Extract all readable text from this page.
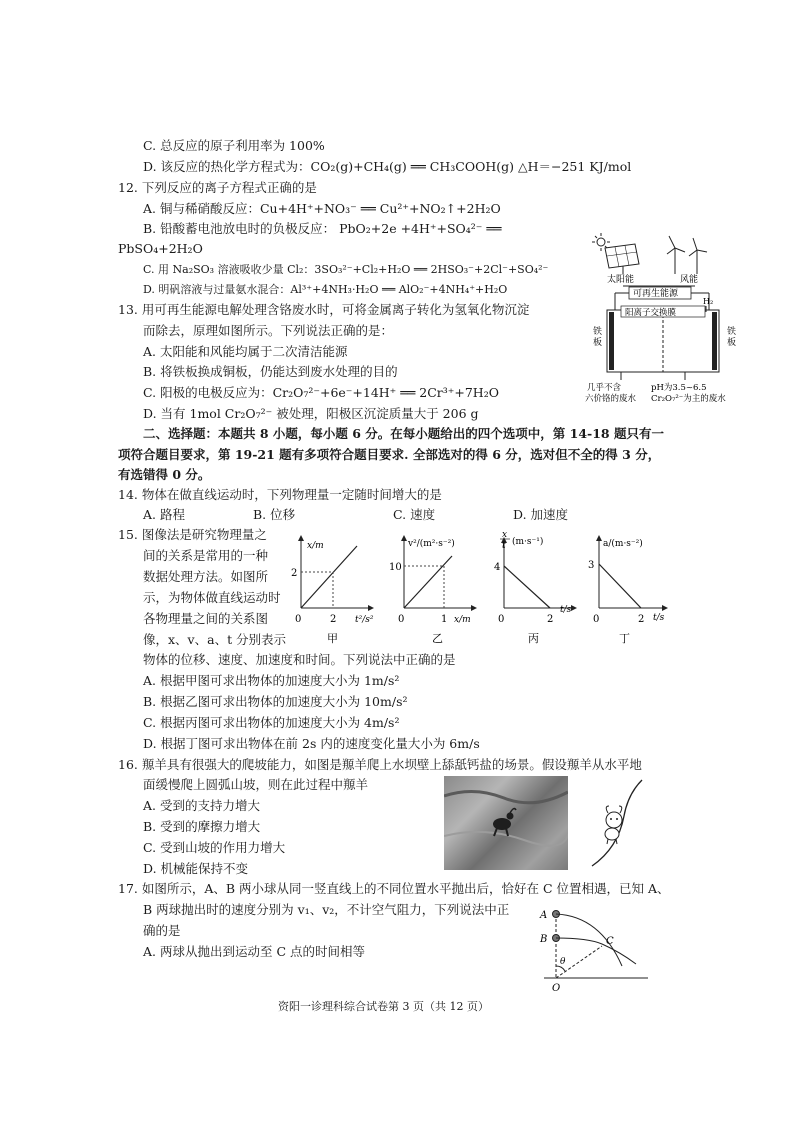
C. 总反应的原子利用率为 100%
D. 该反应的热化学方程式为：CO₂(g)+CH₄(g) ══ CH₃COOH(g) △H＝−251 KJ/mol
12. 下列反应的离子方程式正确的是
A. 铜与稀硝酸反应：Cu+4H⁺+NO₃⁻ ══ Cu²⁺+NO₂↑+2H₂O
B. 铅酸蓄电池放电时的负极反应： PbO₂+2e +4H⁺+SO₄²⁻ ══
PbSO₄+2H₂O
C. 用 Na₂SO₃ 溶液吸收少量 Cl₂：3SO₃²⁻+Cl₂+H₂O ══ 2HSO₃⁻+2Cl⁻+SO₄²⁻
D. 明矾溶液与过量氨水混合：Al³⁺+4NH₃·H₂O ══ AlO₂⁻+4NH₄⁺+H₂O
13. 用可再生能源电解处理含铬废水时，可将金属离子转化为氢氧化物沉淀
而除去，原理如图所示。下列说法正确的是：
A. 太阳能和风能均属于二次清洁能源
B. 将铁板换成铜板，仍能达到废水处理的目的
C. 阳极的电极反应为：Cr₂O₇²⁻+6e⁻+14H⁺ ══ 2Cr³⁺+7H₂O
D. 当有 1mol Cr₂O₇²⁻ 被处理，阳极区沉淀质量大于 206 g
太阳能	风能
可再生能源
阳离子交换膜
H₂
铁板
铁板
几乎不含
六价铬的废水
pH为3.5~6.5
Cr₂O₇²⁻为主的废水
二、选择题：本题共 8 小题，每小题 6 分。在每小题给出的四个选项中，第 14-18 题只有一
项符合题目要求，第 19-21 题有多项符合题目要求. 全部选对的得 6 分，选对但不全的得 3 分，
有选错得 0 分。
14. 物体在做直线运动时，下列物理量一定随时间增大的是
A. 路程	B. 位移	C. 速度	D. 加速度
15. 图像法是研究物理量之
间的关系是常用的一种
数据处理方法。如图所
示，为物体做直线运动时
各物理量之间的关系图
像，x、v、a、t 分别表示
物体的位移、速度、加速度和时间。下列说法中正确的是
A. 根据甲图可求出物体的加速度大小为 1m/s²
B. 根据乙图可求出物体的加速度大小为 10m/s²
C. 根据丙图可求出物体的加速度大小为 4m/s²
D. 根据丁图可求出物体在前 2s 内的速度变化量大小为 6m/s
x/m
2
0	2 t²/s²
甲
v²/(m²·s⁻²)
10
0	1 x/m
乙
x
t (m·s⁻¹)
4
0	2
t/s
丙
a/(m·s⁻²)
3
0	2 t/s
丁
16. 羱羊具有很强大的爬坡能力，如图是羱羊爬上水坝壁上舔舐钙盐的场景。假设羱羊从水平地
面缓慢爬上圆弧山坡，则在此过程中羱羊
A. 受到的支持力增大
B. 受到的摩擦力增大
C. 受到山坡的作用力增大
D. 机械能保持不变
17. 如图所示，A、B 两小球从同一竖直线上的不同位置水平抛出后，恰好在 C 位置相遇，已知 A、
B 两球抛出时的速度分别为 v₁、v₂，不计空气阻力，下列说法中正
确的是
A. 两球从抛出到运动至 C 点的时间相等
A
B	C
O
θ
资阳一诊理科综合试卷第 3 页（共 12 页）
